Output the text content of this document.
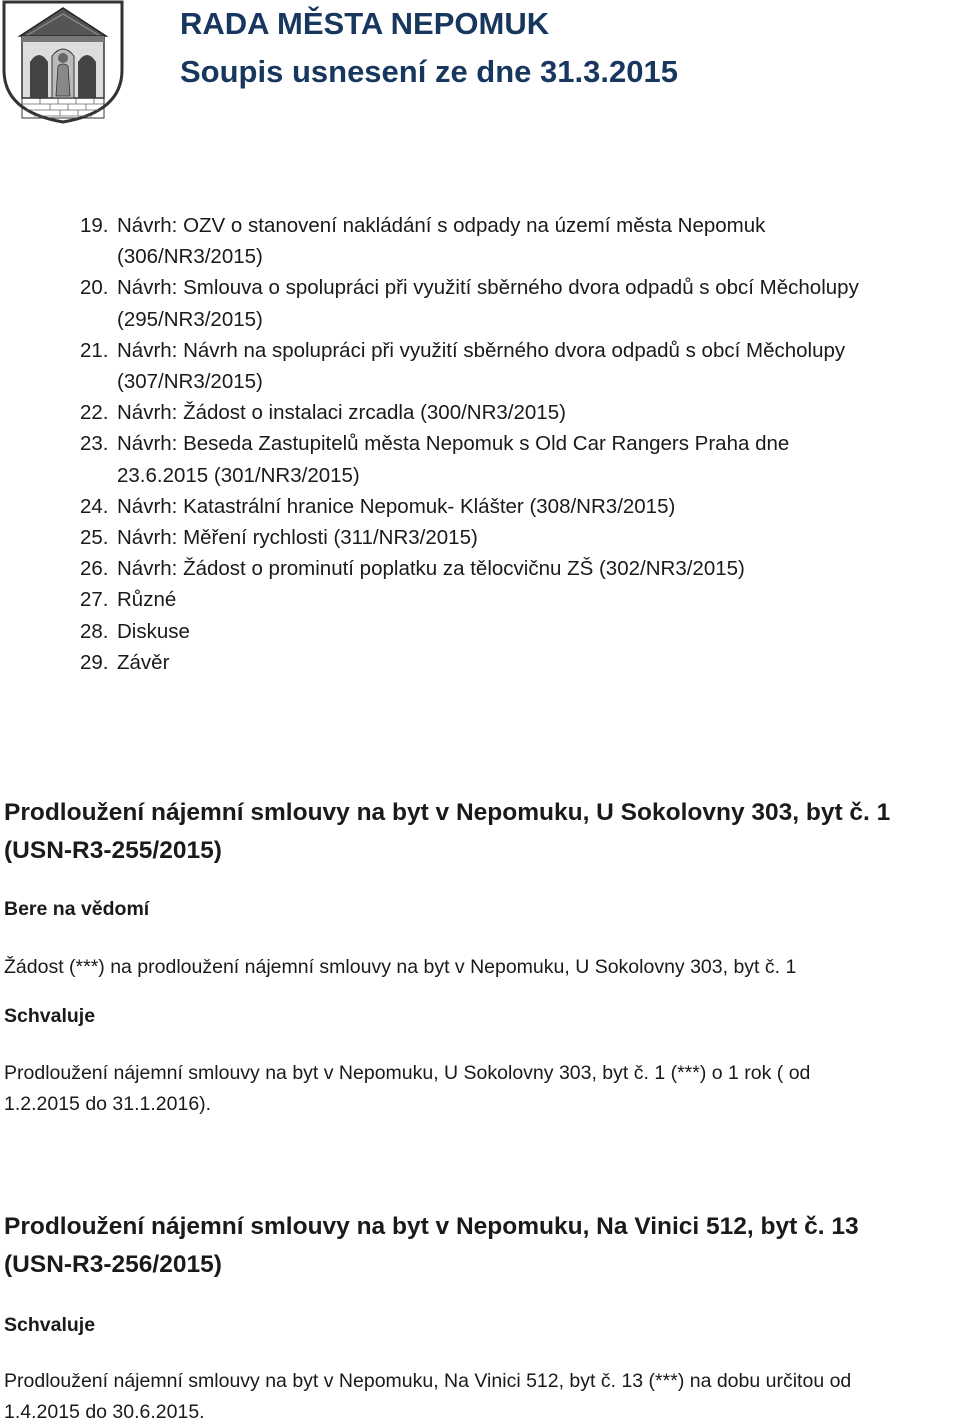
RADA MĚSTA NEPOMUK
Soupis usnesení ze dne 31.3.2015
19. Návrh: OZV o stanovení nakládání s odpady na území města Nepomuk
(306/NR3/2015)
20. Návrh: Smlouva o spolupráci při využití sběrného dvora odpadů s obcí Měcholupy
(295/NR3/2015)
21. Návrh: Návrh na spolupráci při využití sběrného dvora odpadů s obcí Měcholupy
(307/NR3/2015)
22. Návrh: Žádost o instalaci zrcadla (300/NR3/2015)
23. Návrh: Beseda Zastupitelů města Nepomuk s Old Car Rangers Praha dne
23.6.2015 (301/NR3/2015)
24. Návrh: Katastrální hranice Nepomuk- Klášter (308/NR3/2015)
25. Návrh: Měření rychlosti (311/NR3/2015)
26. Návrh: Žádost o prominutí poplatku za tělocvičnu ZŠ (302/NR3/2015)
27. Různé
28. Diskuse
29. Závěr
Prodloužení nájemní smlouvy na byt v Nepomuku, U Sokolovny 303, byt č. 1
(USN-R3-255/2015)
Bere na vědomí
Žádost (***) na prodloužení nájemní smlouvy na byt v Nepomuku, U Sokolovny 303, byt č. 1
Schvaluje
Prodloužení nájemní smlouvy na byt v Nepomuku, U Sokolovny 303, byt č. 1 (***) o 1 rok ( od
1.2.2015 do 31.1.2016).
Prodloužení nájemní smlouvy na byt v Nepomuku, Na Vinici 512, byt č. 13
(USN-R3-256/2015)
Schvaluje
Prodloužení nájemní smlouvy na byt v Nepomuku, Na Vinici 512, byt č. 13 (***) na dobu určitou od
1.4.2015 do 30.6.2015.
